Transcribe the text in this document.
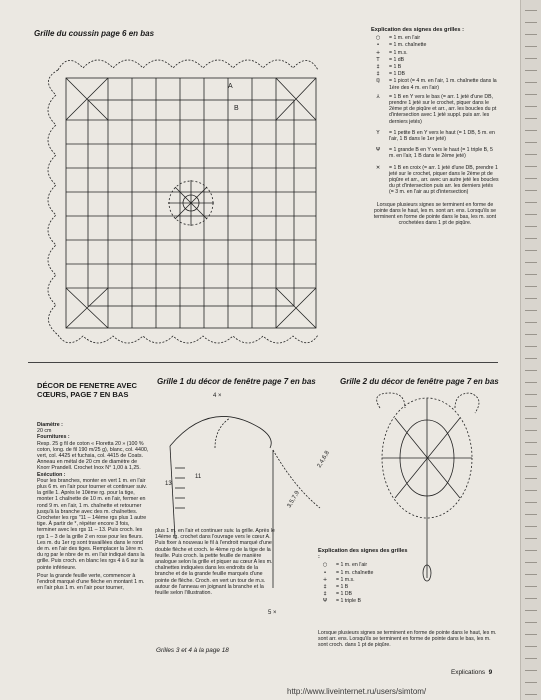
Grille du coussin page 6 en bas
A
B
Explication des signes des grilles :
○	= 1 m. en l'air
•	= 1 m. chaînette
+	= 1 m.s.
T	= 1 dB
‡	= 1 B
‡	= 1 DB
ℚ	= 1 picot (= 4 m. en l'air, 1 m. chaînette dans la 1ère des 4 m. en l'air)
⅄	= 1 B en Y vers le bas (= arr. 1 jeté d'une DB, prendre 1 jeté sur le crochet, piquer dans le 2ème pt de piqûre et arr., arr. les boucles du pt d'intersection avec 1 jeté suppl. puis arr. les derniers jetés)
Y	= 1 petite B en Y vers le haut (= 1 DB, 5 m. en l'air, 1 B dans le 1er jeté)
Ψ	= 1 grande B en Y vers le haut (= 1 triple B, 5 m. en l'air, 1 B dans le 2ème jeté)
✕	= 1 B en croix (= arr. 1 jeté d'une DB, prendre 1 jeté sur le crochet, piquer dans le 2ème pt de piqûre et arr., arr. avec un autre jeté les boucles du pt d'intersection puis arr. les derniers jetés (= 3 m. en l'air au pt d'intersection)
Lorsque plusieurs signes se terminent en forme de pointe dans le haut, les m. sont arr. ens. Lorsqu'ils se terminent en forme de pointe dans le bas, les m. sont crochetées dans 1 pt de piqûre.
DÉCOR DE FENETRE AVEC
CŒURS, PAGE 7 EN BAS
Diamètre :
20 cm
Fournitures :
Resp. 25 g fil de coton « Floretta 20 » (100 % coton, long. de fil 190 m/25 g), blanc, col. 4400, vert, col. 4425 et fuchsia, col. 4415 de Coats. Anneau en métal de 20 cm de diamètre de Knorr Prandell. Crochet Inox N° 1,00 à 1,25.
Exécution :
Pour les branches, monter en vert 1 m. en l'air plus 6 m. en l'air pour tourner et continuer suiv. la grille 1. Après le 10ème rg. pour la tige, monter 1 chaînette de 10 m. en l'air, fermer en rond 9 m. en l'air, 1 m. chaînette et retourner jusqu'à la branche avec des m. chaînettes. Crocheter les rgs "11 – 14ème rgs plus 1 autre tige. À partir de *, répéter encore 3 fois, terminer avec les rgs 11 – 13. Puis croch. les rgs 1 – 3 de la grille 2 en rose pour les fleurs. Les m. du 1er rg sont travaillées dans le rond de m. en l'air des tiges. Remplacer la 1ère m. du rg par le nbre de m. en l'air indiqué dans la grille. Puis croch. en blanc les rgs 4 à 6 sur la pointe inférieure.
Pour la grande feuille verte, commencer à l'endroit marqué d'une flèche en montant 1 m. en l'air plus 1 m. en l'air pour tourner,
plus 1 m. en l'air et continuer suiv. la grille. Après le 14ème rg. crochet dans l'ouvrage vers le cœur A. Puis fixer à nouveau le fil à l'endroit marqué d'une double flèche et croch. le 4ème rg de la tige de la feuille. Puis croch. la petite feuille de manière analogue selon la grille et piquer au cœur A les m. chaînettes indiquées dans les endroits de la branche et de la grande feuille marqués d'une pointe de flèche. Croch. en vert un tour de m.s. autour de l'anneau en joignant la branche et la feuille selon l'illustration.
Grille 1 du décor de fenêtre page 7 en bas
4 ×
13
11
5 ×
3,5,7,9
2,4,6,8
Grilles 3 et 4 à la page 18
Grille 2 du décor de fenêtre page 7 en bas
Explication des signes des grilles :
○	= 1 m. en l'air
•	= 1 m. chaînette
+	= 1 m.s.
‡	= 1 B
‡	= 1 DB
Ψ	= 1 triple B
Lorsque plusieurs signes se terminent en forme de pointe dans le haut, les m. sont arr. ens. Lorsqu'ils se terminent en forme de pointe dans le bas, les m. sont croch. dans 1 pt de piqûre.
Explications 9
http://www.liveinternet.ru/users/simtom/
